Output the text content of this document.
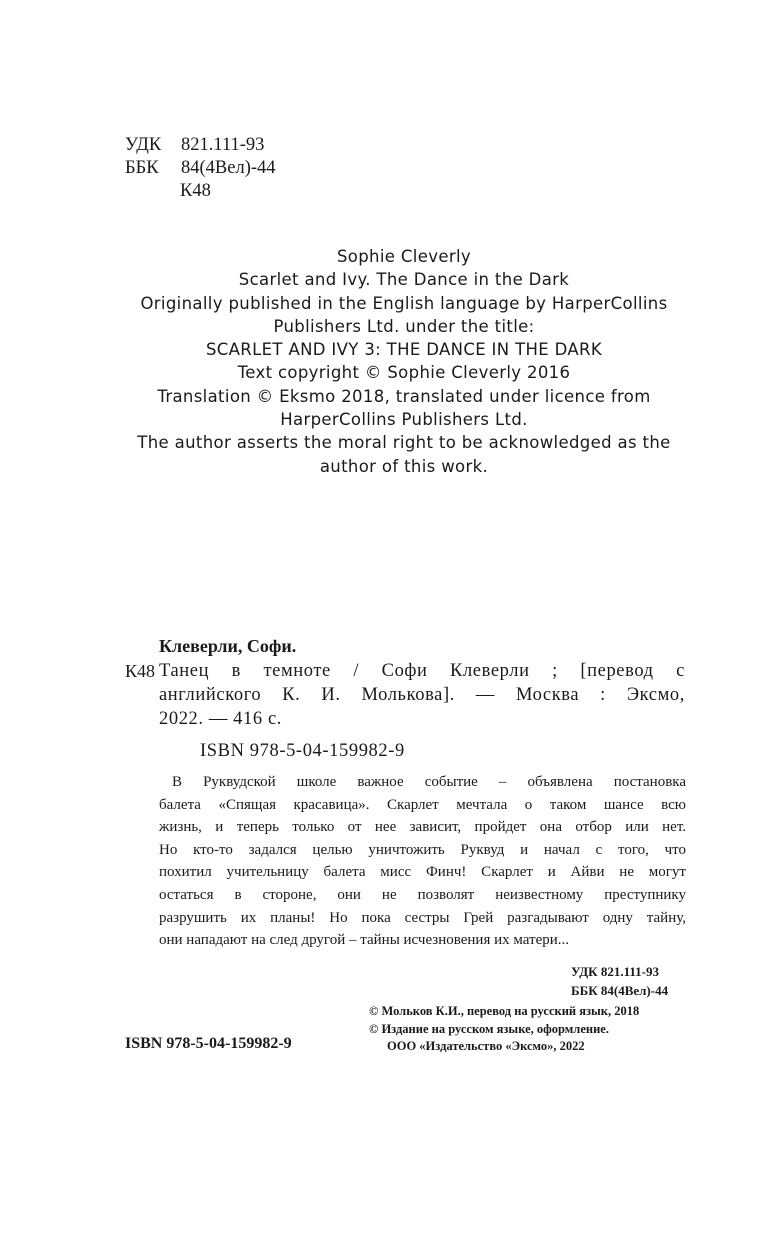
УДК 821.111-93
ББК 84(4Вел)-44
К48
Sophie Cleverly
Scarlet and Ivy. The Dance in the Dark
Originally published in the English language by HarperCollins
Publishers Ltd. under the title:
SCARLET AND IVY 3: THE DANCE IN THE DARK
Text copyright © Sophie Cleverly 2016
Translation © Eksmo 2018, translated under licence from
HarperCollins Publishers Ltd.
The author asserts the moral right to be acknowledged as the
author of this work.
Клеверли, Софи.
К48 Танец в темноте / Софи Клеверли ; [перевод с
английского К. И. Молькова]. — Москва : Эксмо,
2022. — 416 с.
ISBN 978-5-04-159982-9
В Руквудской школе важное событие – объявлена постановка
балета «Спящая красавица». Скарлет мечтала о таком шансе всю
жизнь, и теперь только от нее зависит, пройдет она отбор или нет.
Но кто-то задался целью уничтожить Руквуд и начал с того, что
похитил учительницу балета мисс Финч! Скарлет и Айви не могут
остаться в стороне, они не позволят неизвестному преступнику
разрушить их планы! Но пока сестры Грей разгадывают одну тайну,
они нападают на след другой – тайны исчезновения их матери...
УДК 821.111-93
ББК 84(4Вел)-44
ISBN 978-5-04-159982-9
© Мольков К.И., перевод на русский язык, 2018
© Издание на русском языке, оформление.
ООО «Издательство «Эксмо», 2022
